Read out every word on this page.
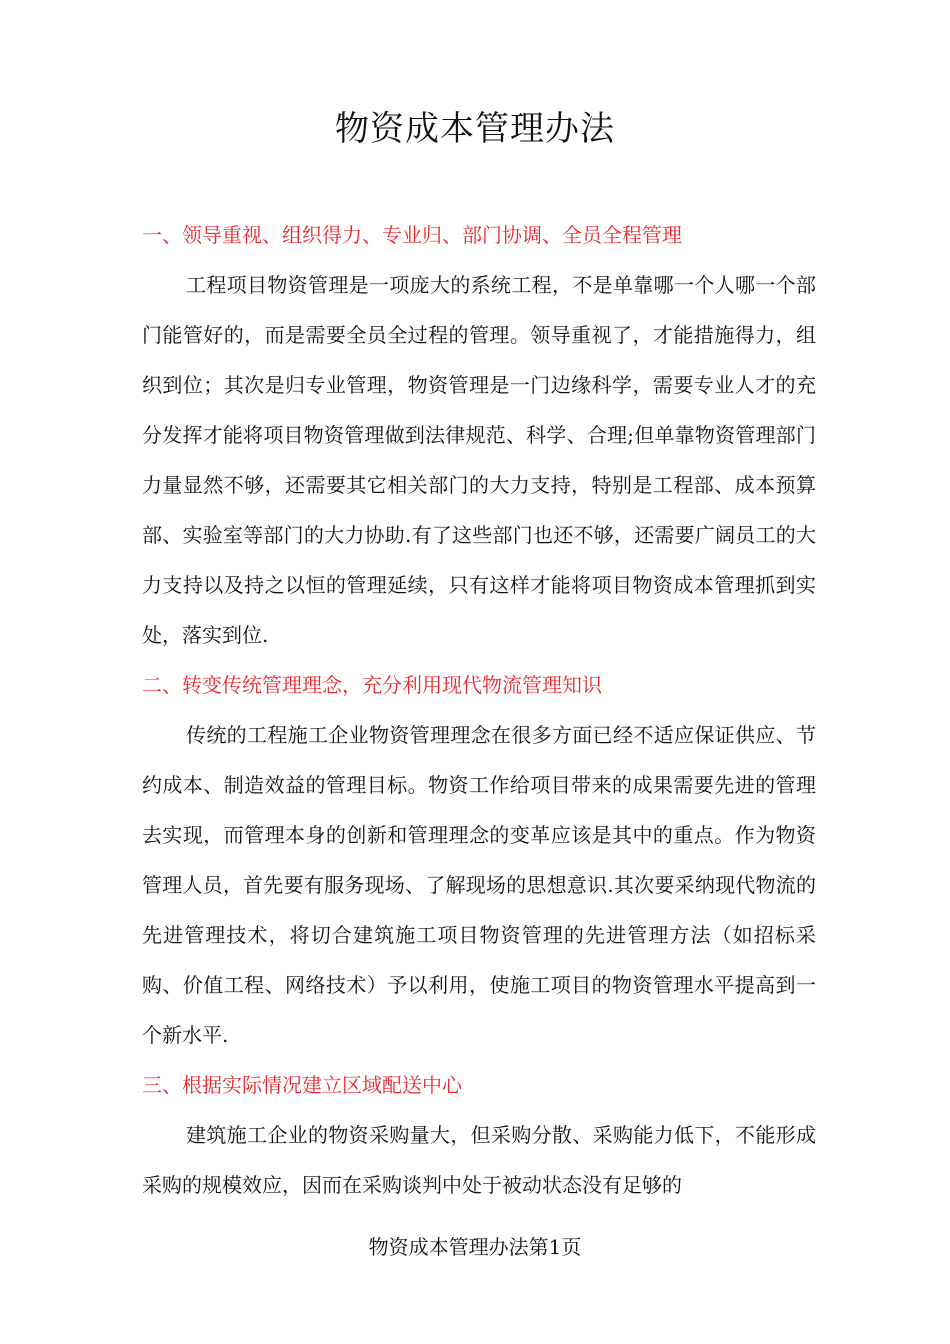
物资成本管理办法
一、领导重视、组织得力、专业归、部门协调、全员全程管理
工程项目物资管理是一项庞大的系统工程，不是单靠哪一个人哪一个部门能管好的，而是需要全员全过程的管理。领导重视了，才能措施得力，组织到位；其次是归专业管理，物资管理是一门边缘科学，需要专业人才的充分发挥才能将项目物资管理做到法律规范、科学、合理;但单靠物资管理部门力量显然不够，还需要其它相关部门的大力支持，特别是工程部、成本预算部、实验室等部门的大力协助.有了这些部门也还不够，还需要广阔员工的大力支持以及持之以恒的管理延续，只有这样才能将项目物资成本管理抓到实处，落实到位.
二、转变传统管理理念，充分利用现代物流管理知识
传统的工程施工企业物资管理理念在很多方面已经不适应保证供应、节约成本、制造效益的管理目标。物资工作给项目带来的成果需要先进的管理去实现，而管理本身的创新和管理理念的变革应该是其中的重点。作为物资管理人员，首先要有服务现场、了解现场的思想意识.其次要采纳现代物流的先进管理技术，将切合建筑施工项目物资管理的先进管理方法（如招标采购、价值工程、网络技术）予以利用，使施工项目的物资管理水平提高到一个新水平.
三、根据实际情况建立区域配送中心
建筑施工企业的物资采购量大，但采购分散、采购能力低下，不能形成采购的规模效应，因而在采购谈判中处于被动状态没有足够的
物资成本管理办法第1页
